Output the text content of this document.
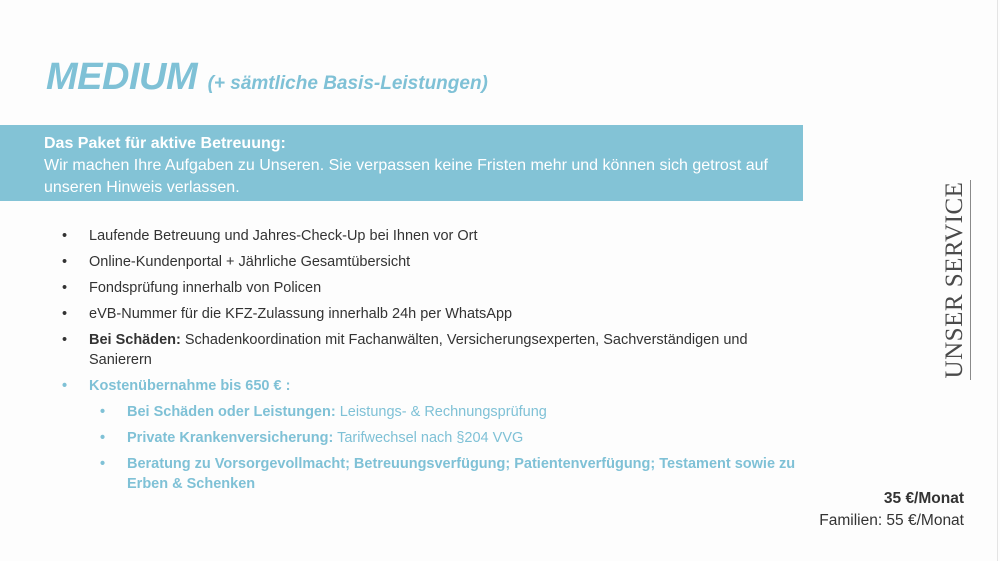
MEDIUM (+ sämtliche Basis-Leistungen)
Das Paket für aktive Betreuung:
Wir machen Ihre Aufgaben zu Unseren. Sie verpassen keine Fristen mehr und können sich getrost auf unseren Hinweis verlassen.
• Laufende Betreuung und Jahres-Check-Up bei Ihnen vor Ort
• Online-Kundenportal + Jährliche Gesamtübersicht
• Fondsprüfung innerhalb von Policen
• eVB-Nummer für die KFZ-Zulassung innerhalb 24h per WhatsApp
• Bei Schäden: Schadenkoordination mit Fachanwälten, Versicherungsexperten, Sachverständigen und Sanierern
• Kostenübernahme bis 650 € :
• Bei Schäden oder Leistungen: Leistungs- & Rechnungsprüfung
• Private Krankenversicherung: Tarifwechsel nach §204 VVG
• Beratung zu Vorsorgevollmacht; Betreuungsverfügung; Patientenverfügung; Testament sowie zu Erben & Schenken
UNSER SERVICE
35 €/Monat
Familien: 55 €/Monat
